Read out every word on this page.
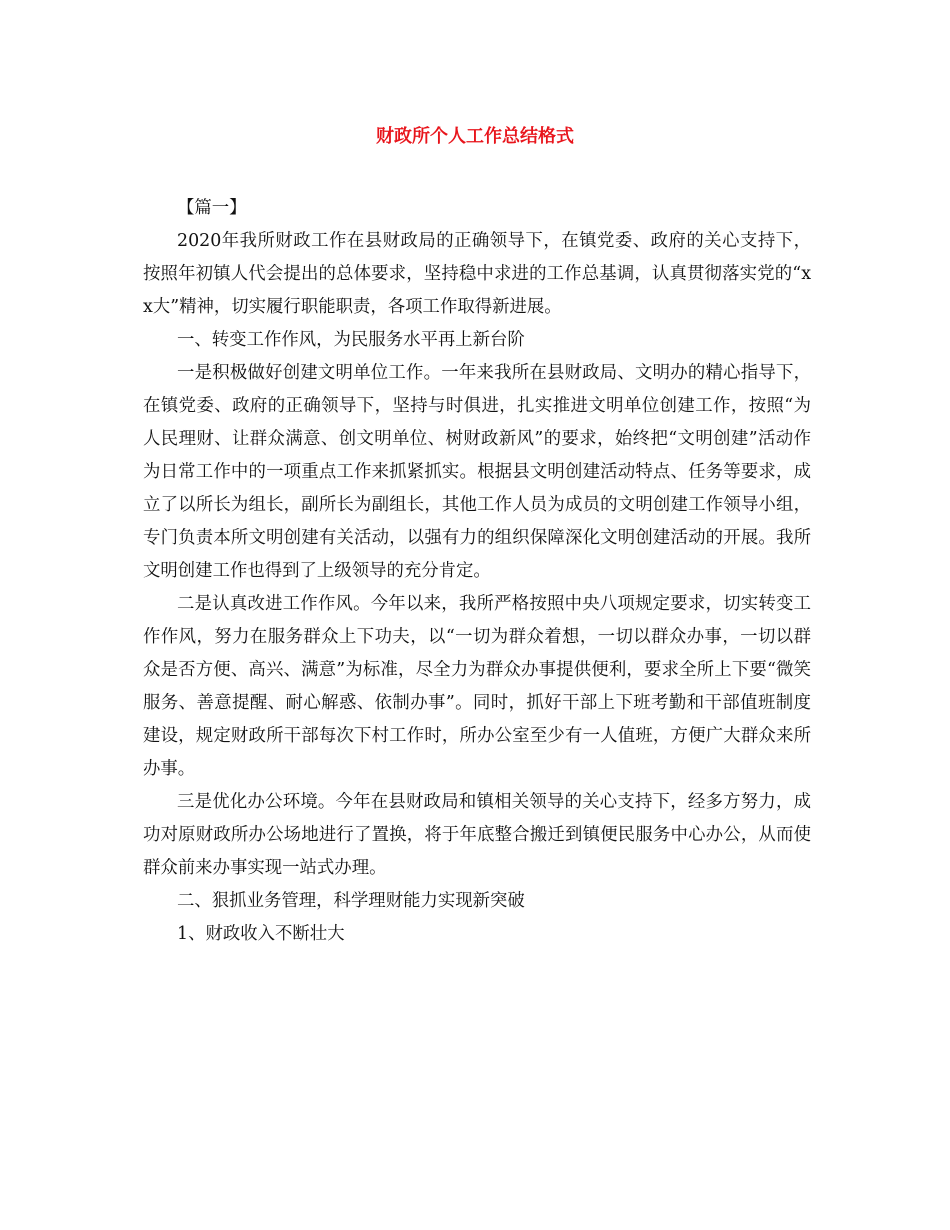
财政所个人工作总结格式

【篇一】

2020年我所财政工作在县财政局的正确领导下，在镇党委、政府的关心支持下，按照年初镇人代会提出的总体要求，坚持稳中求进的工作总基调，认真贯彻落实党的“xx大”精神，切实履行职能职责，各项工作取得新进展。

一、转变工作作风，为民服务水平再上新台阶

一是积极做好创建文明单位工作。一年来我所在县财政局、文明办的精心指导下，在镇党委、政府的正确领导下，坚持与时俱进，扎实推进文明单位创建工作，按照“为人民理财、让群众满意、创文明单位、树财政新风”的要求，始终把“文明创建”活动作为日常工作中的一项重点工作来抓紧抓实。根据县文明创建活动特点、任务等要求，成立了以所长为组长，副所长为副组长，其他工作人员为成员的文明创建工作领导小组，专门负责本所文明创建有关活动，以强有力的组织保障深化文明创建活动的开展。我所文明创建工作也得到了上级领导的充分肯定。

二是认真改进工作作风。今年以来，我所严格按照中央八项规定要求，切实转变工作作风，努力在服务群众上下功夫，以“一切为群众着想，一切以群众办事，一切以群众是否方便、高兴、满意”为标准，尽全力为群众办事提供便利，要求全所上下要“微笑服务、善意提醒、耐心解惑、依制办事”。同时，抓好干部上下班考勤和干部值班制度建设，规定财政所干部每次下村工作时，所办公室至少有一人值班，方便广大群众来所办事。

三是优化办公环境。今年在县财政局和镇相关领导的关心支持下，经多方努力，成功对原财政所办公场地进行了置换，将于年底整合搬迁到镇便民服务中心办公，从而使群众前来办事实现一站式办理。

二、狠抓业务管理，科学理财能力实现新突破

1、财政收入不断壮大
